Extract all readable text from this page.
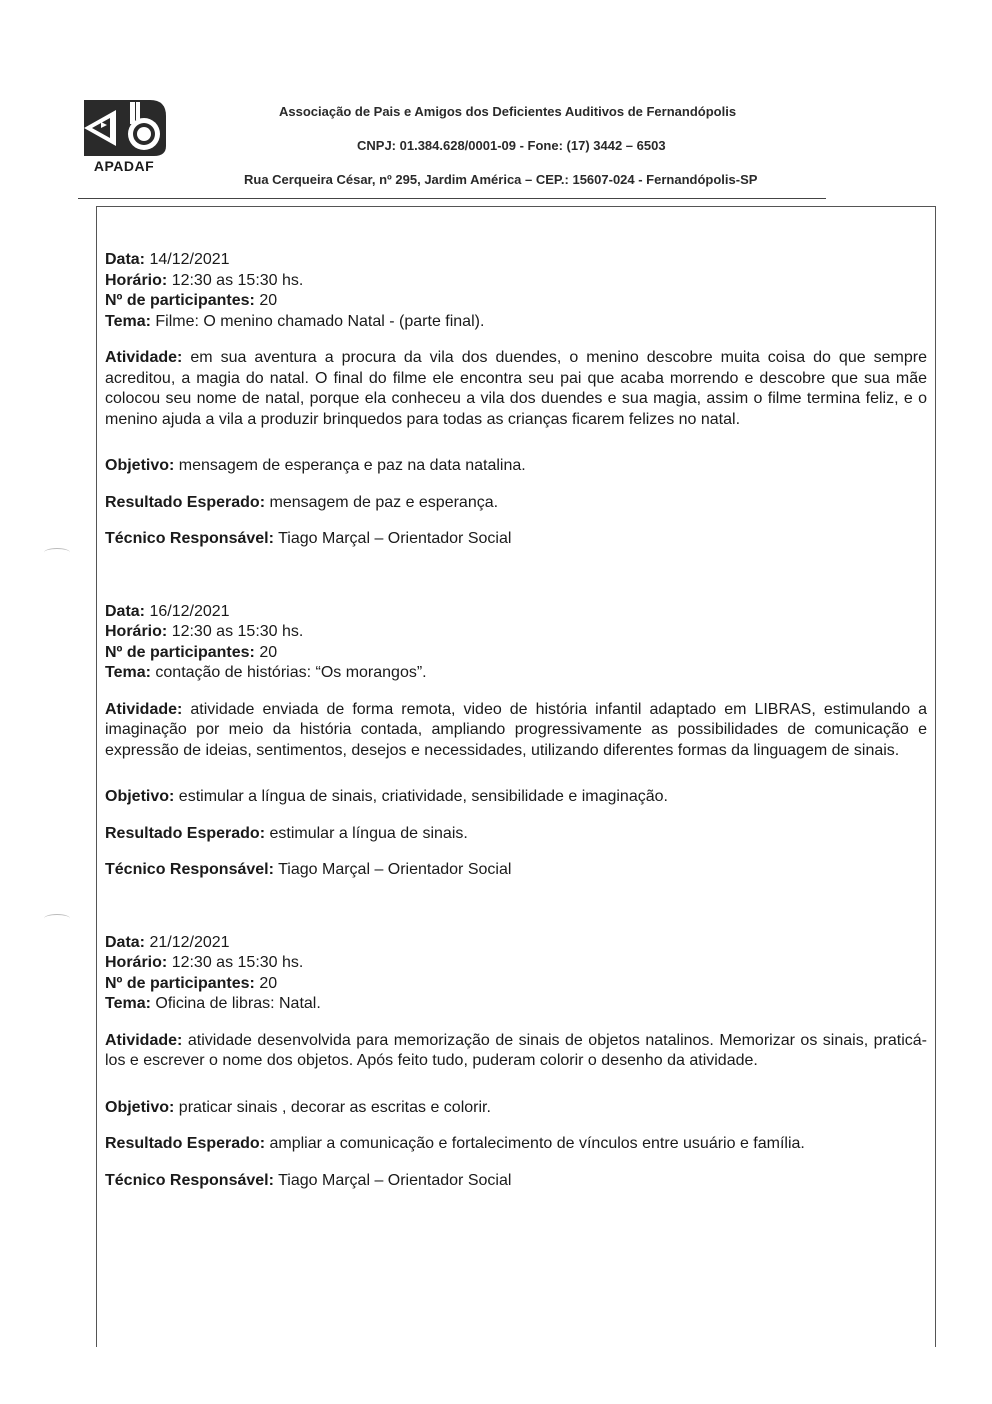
APADAF
Associação de Pais e Amigos dos Deficientes Auditivos de Fernandópolis
CNPJ: 01.384.628/0001-09 - Fone: (17) 3442 – 6503
Rua Cerqueira César, nº 295, Jardim América – CEP.: 15607-024 - Fernandópolis-SP

Data: 14/12/2021

Horário: 12:30 as 15:30 hs.

Nº de participantes: 20

Tema: Filme: O menino chamado Natal - (parte final).

Atividade: em sua aventura a procura da vila dos duendes, o menino descobre muita coisa do que sempre acreditou, a magia do natal. O final do filme ele encontra seu pai que acaba morrendo e descobre que sua mãe colocou seu nome de natal, porque ela conheceu a vila dos duendes e sua magia, assim o filme termina feliz, e o menino ajuda a vila a produzir brinquedos para todas as crianças ficarem felizes no natal.

Objetivo: mensagem de esperança e paz na data natalina.

Resultado Esperado: mensagem de paz e esperança.

Técnico Responsável: Tiago Marçal – Orientador Social

Data: 16/12/2021

Horário: 12:30 as 15:30 hs.

Nº de participantes: 20

Tema: contação de histórias: “Os morangos”.

Atividade: atividade enviada de forma remota, video de história infantil adaptado em LIBRAS, estimulando a imaginação por meio da história contada, ampliando progressivamente as possibilidades de comunicação e expressão de ideias, sentimentos, desejos e necessidades, utilizando diferentes formas da linguagem de sinais.

Objetivo: estimular a língua de sinais, criatividade, sensibilidade e imaginação.

Resultado Esperado: estimular a língua de sinais.

Técnico Responsável: Tiago Marçal – Orientador Social

Data: 21/12/2021

Horário: 12:30 as 15:30 hs.

Nº de participantes: 20

Tema: Oficina de libras: Natal.

Atividade: atividade desenvolvida para memorização de sinais de objetos natalinos. Memorizar os sinais, praticá-los e escrever o nome dos objetos. Após feito tudo, puderam colorir o desenho da atividade.

Objetivo: praticar sinais , decorar as escritas e colorir.

Resultado Esperado: ampliar a comunicação e fortalecimento de vínculos entre usuário e família.

Técnico Responsável: Tiago Marçal – Orientador Social
